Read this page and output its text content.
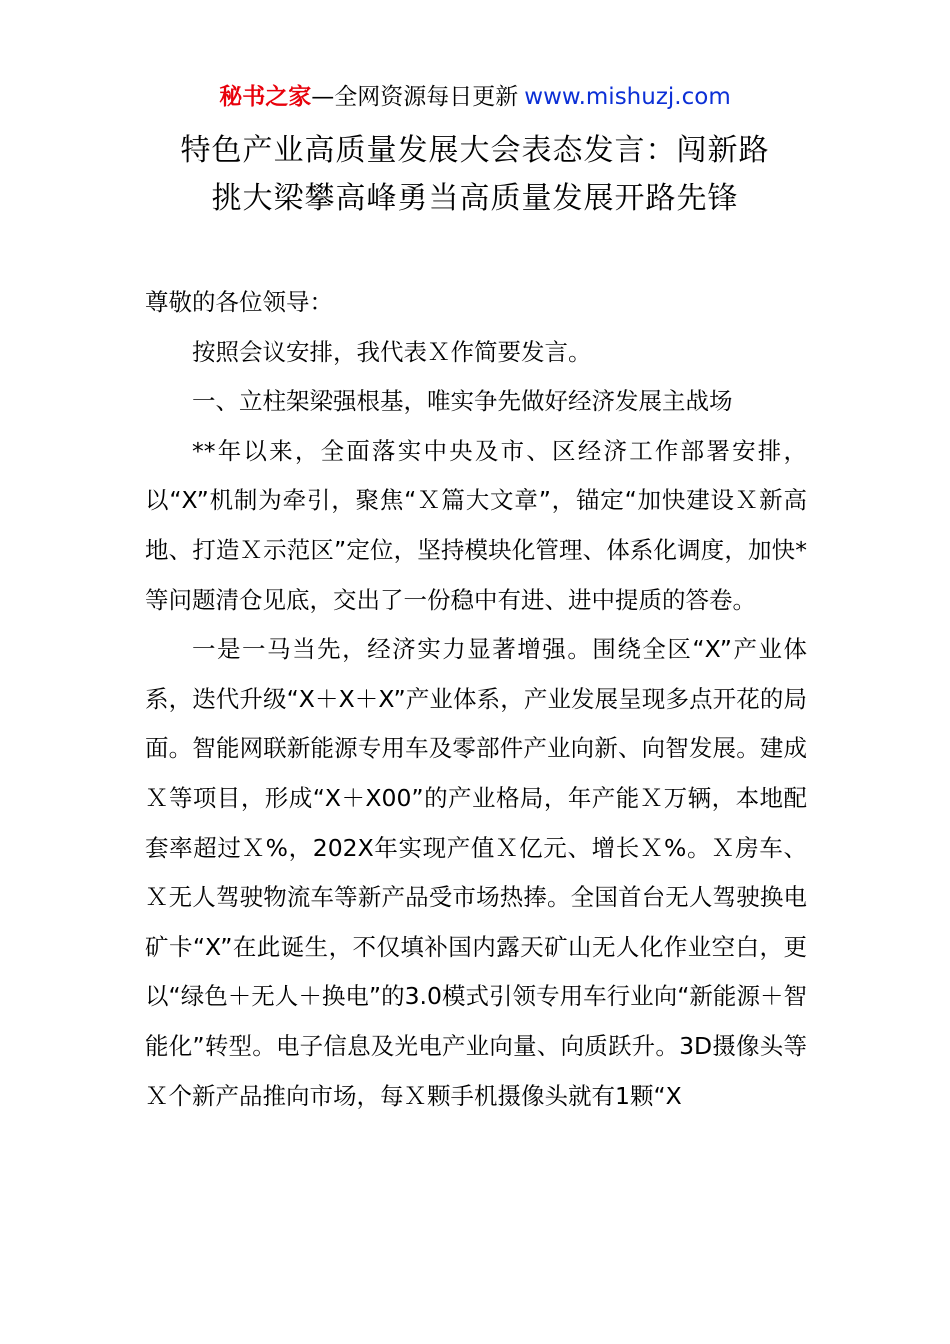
秘书之家—全网资源每日更新 www.mishuzj.com
特色产业高质量发展大会表态发言：闯新路
挑大梁攀高峰勇当高质量发展开路先锋

尊敬的各位领导：

按照会议安排，我代表Ｘ作简要发言。

一、立柱架梁强根基，唯实争先做好经济发展主战场

**年以来，全面落实中央及市、区经济工作部署安排，以“X”机制为牵引，聚焦“Ｘ篇大文章”，锚定“加快建设Ｘ新高地、打造Ｘ示范区”定位，坚持模块化管理、体系化调度，加快*等问题清仓见底，交出了一份稳中有进、进中提质的答卷。

一是一马当先，经济实力显著增强。围绕全区“X”产业体系，迭代升级“X＋X＋X”产业体系，产业发展呈现多点开花的局面。智能网联新能源专用车及零部件产业向新、向智发展。建成Ｘ等项目，形成“X＋X00”的产业格局，年产能Ｘ万辆，本地配套率超过Ｘ%，202X年实现产值Ｘ亿元、增长Ｘ%。Ｘ房车、Ｘ无人驾驶物流车等新产品受市场热捧。全国首台无人驾驶换电矿卡“X”在此诞生，不仅填补国内露天矿山无人化作业空白，更以“绿色＋无人＋换电”的3.0模式引领专用车行业向“新能源＋智能化”转型。电子信息及光电产业向量、向质跃升。3D摄像头等Ｘ个新产品推向市场，每Ｘ颗手机摄像头就有1颗“X
